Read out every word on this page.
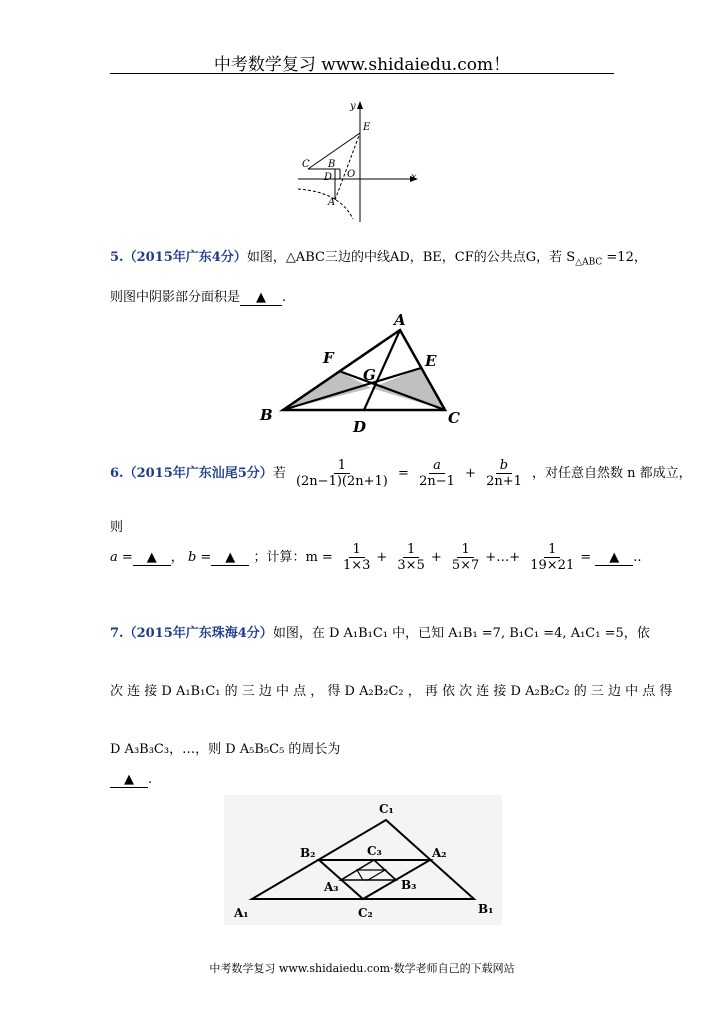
中考数学复习 www.shidaiedu.com！
y
E
C B
D O	x
A
5.（2015年广东4分）如图，△ABC三边的中线AD，BE，CF的公共点G，若 $S_{\triangle ABC} =12$，
则图中阴影部分面积是 ▲ .
A
F	E
G
B
D	C
6.（2015年广东汕尾5分）若 $\frac{1}{(2n-1)(2n+1)} = \frac{a}{2n-1} + \frac{b}{2n+1}$ ，对任意自然数 n 都成立，
则
a = ▲ ， b = ▲ ；计算：$m = \frac{1}{1\times 3} + \frac{1}{3\times 5} + \frac{1}{5\times 7}$ +…+ $\frac{1}{19\times 21}$ = ▲ ..
7.（2015年广东珠海4分）如图，在 D A₁B₁C₁ 中，已知 A₁B₁ =7, B₁C₁ =4, A₁C₁ =5，依
次 连 接 D A₁B₁C₁ 的 三 边 中 点 ， 得 D A₂B₂C₂ ， 再 依 次 连 接 D A₂B₂C₂ 的 三 边 中 点 得
D A₃B₃C₃，…，则 D A₅B₅C₅ 的周长为
▲ .
C₁
B₂	C₃	A₂
A₃	B₃
A₁	C₂	B₁
中考数学复习 www.shidaiedu.com·数学老师自己的下载网站
